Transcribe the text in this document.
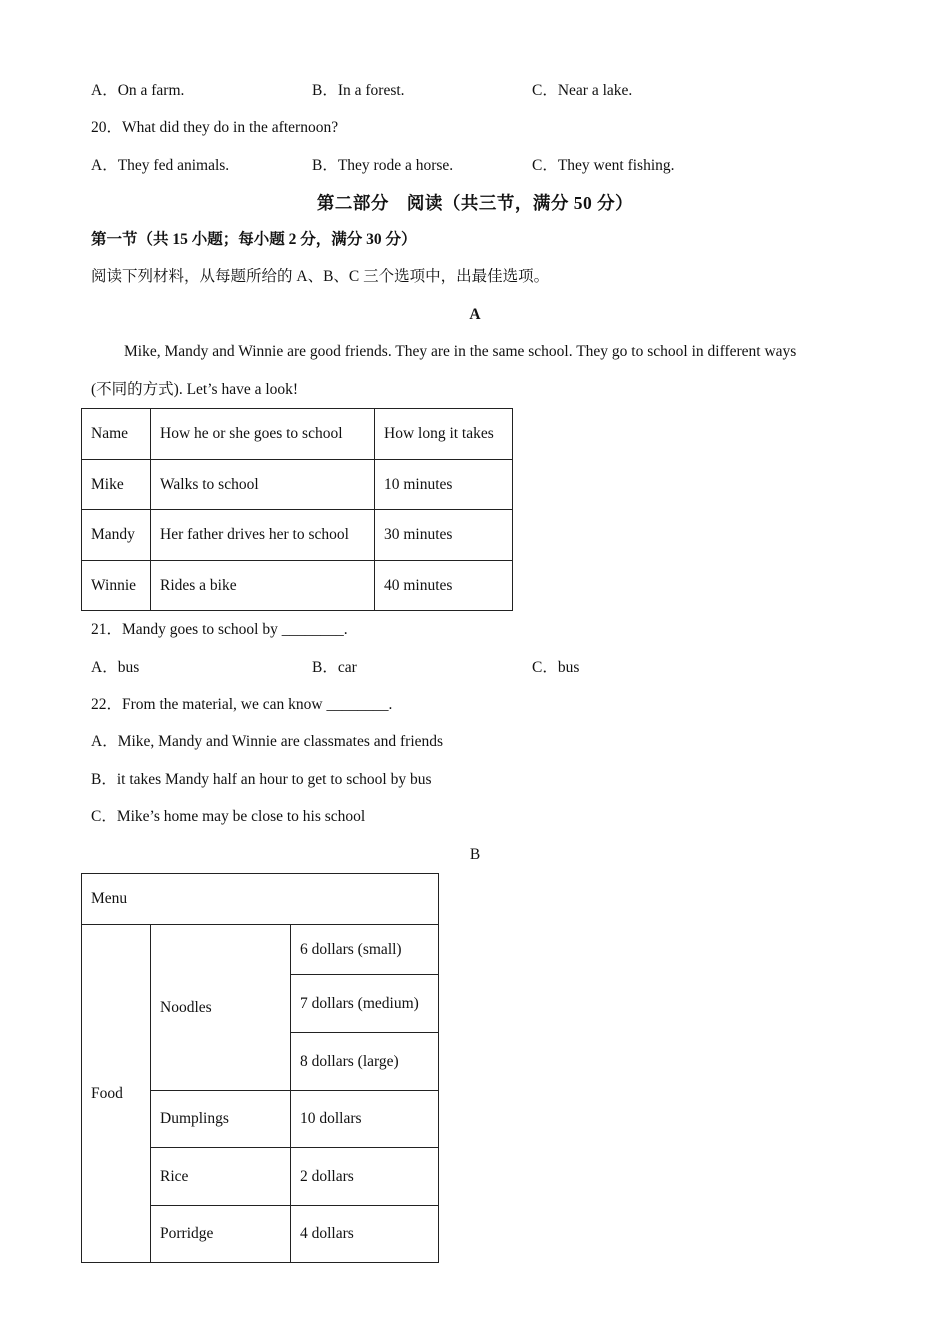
A．On a farm.	B．In a forest.	C．Near a lake.
20．What did they do in the afternoon?
A．They fed animals.	B．They rode a horse.	C．They went fishing.
第二部分　阅读（共三节，满分 50 分）
第一节（共 15 小题；每小题 2 分，满分 30 分）
阅读下列材料，从每题所给的 A、B、C 三个选项中，出最佳选项。
A
Mike, Mandy and Winnie are good friends. They are in the same school. They go to school in different ways
(不同的方式). Let’s have a look!
Name	How he or she goes to school	How long it takes
Mike	Walks to school	10 minutes
Mandy	Her father drives her to school	30 minutes
Winnie	Rides a bike	40 minutes
21．Mandy goes to school by ________.
A．bus	B．car	C．bus
22．From the material, we can know ________.
A．Mike, Mandy and Winnie are classmates and friends
B．it takes Mandy half an hour to get to school by bus
C．Mike’s home may be close to his school
B
Menu		
Food	Noodles	6 dollars (small)
		7 dollars (medium)
		8 dollars (large)
	Dumplings	10 dollars
	Rice	2 dollars
	Porridge	4 dollars
